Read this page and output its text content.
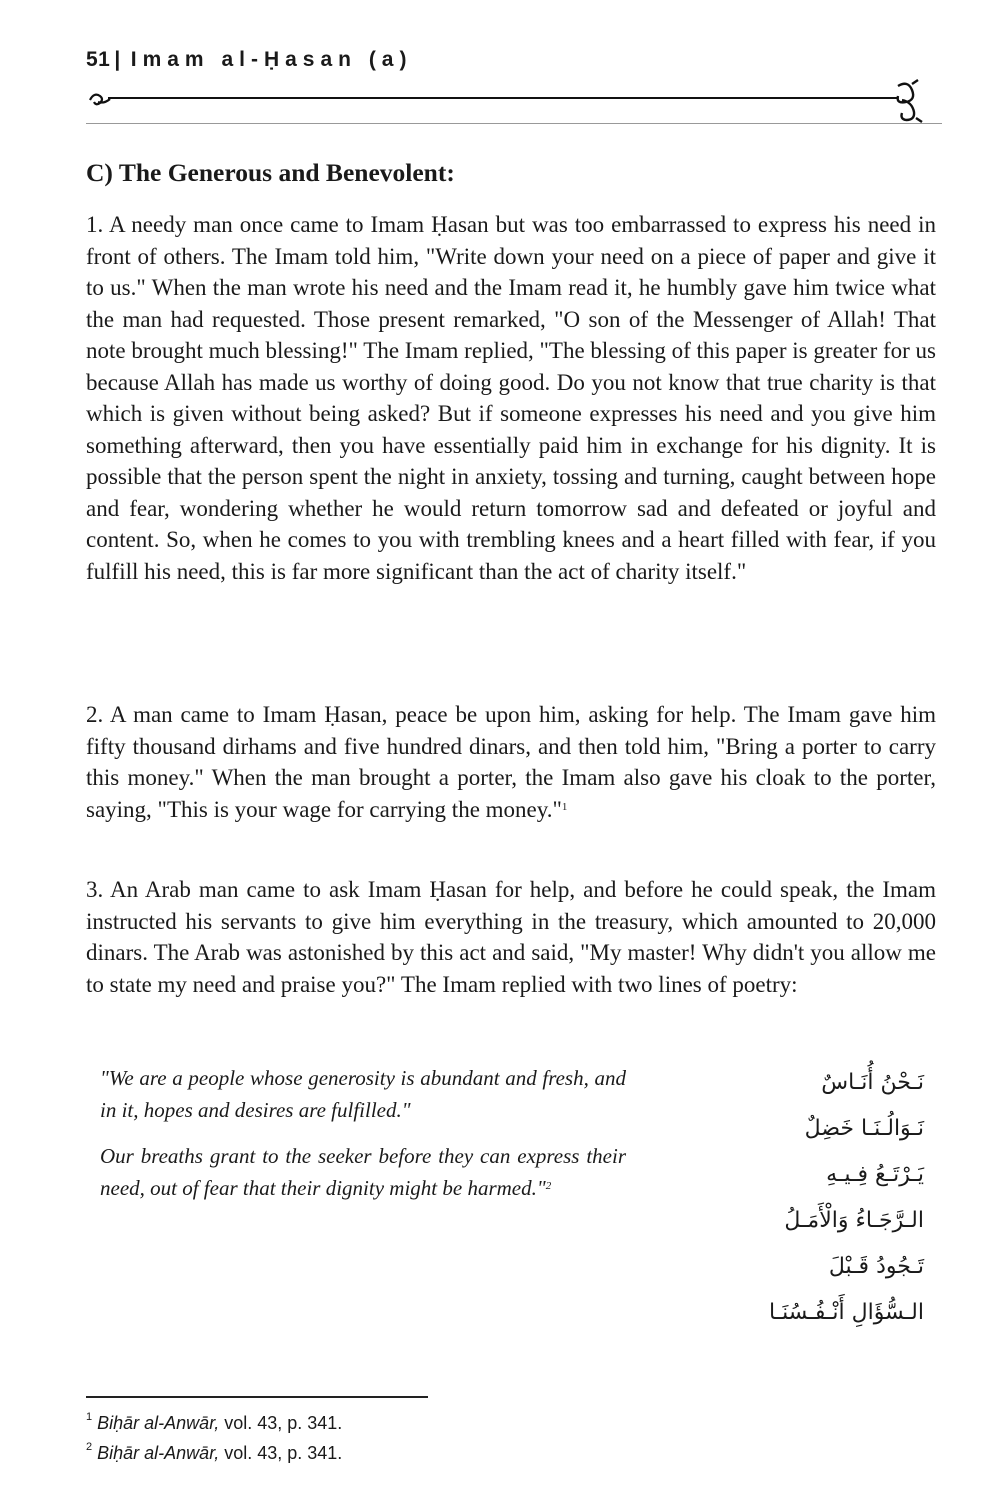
51 | Imam al-Ḥasan (a)
C) The Generous and Benevolent:

1. A needy man once came to Imam Ḥasan but was too embarrassed to express his need in front of others. The Imam told him, "Write down your need on a piece of paper and give it to us." When the man wrote his need and the Imam read it, he humbly gave him twice what the man had requested. Those present remarked, "O son of the Messenger of Allah! That note brought much blessing!" The Imam replied, "The blessing of this paper is greater for us because Allah has made us worthy of doing good. Do you not know that true charity is that which is given without being asked? But if someone expresses his need and you give him something afterward, then you have essentially paid him in exchange for his dignity. It is possible that the person spent the night in anxiety, tossing and turning, caught between hope and fear, wondering whether he would return tomorrow sad and defeated or joyful and content. So, when he comes to you with trembling knees and a heart filled with fear, if you fulfill his need, this is far more significant than the act of charity itself."

2. A man came to Imam Ḥasan, peace be upon him, asking for help. The Imam gave him fifty thousand dirhams and five hundred dinars, and then told him, "Bring a porter to carry this money." When the man brought a porter, the Imam also gave his cloak to the porter, saying, "This is your wage for carrying the money."$^1$

3. An Arab man came to ask Imam Ḥasan for help, and before he could speak, the Imam instructed his servants to give him everything in the treasury, which amounted to 20,000 dinars. The Arab was astonished by this act and said, "My master! Why didn't you allow me to state my need and praise you?" The Imam replied with two lines of poetry:

"We are a people whose generosity is abundant and fresh, and in it, hopes and desires are fulfilled."

Our breaths grant to the seeker before they can express their need, out of fear that their dignity might be harmed."$^2$

نَـحْنُ أُنَـاسٌ
نَـوَالُـنَـا خَضِلٌ
يَـرْتَـعُ فِـيـهِ
الـرَّجَـاءُ وَالْأَمَـلُ
تَـجُودُ قَـبْلَ
الـسُّؤَالِ أَنْـفُـسُنَـا
$^1$ Biḥār al-Anwār, vol. 43, p. 341.
$^2$ Biḥār al-Anwār, vol. 43, p. 341.
